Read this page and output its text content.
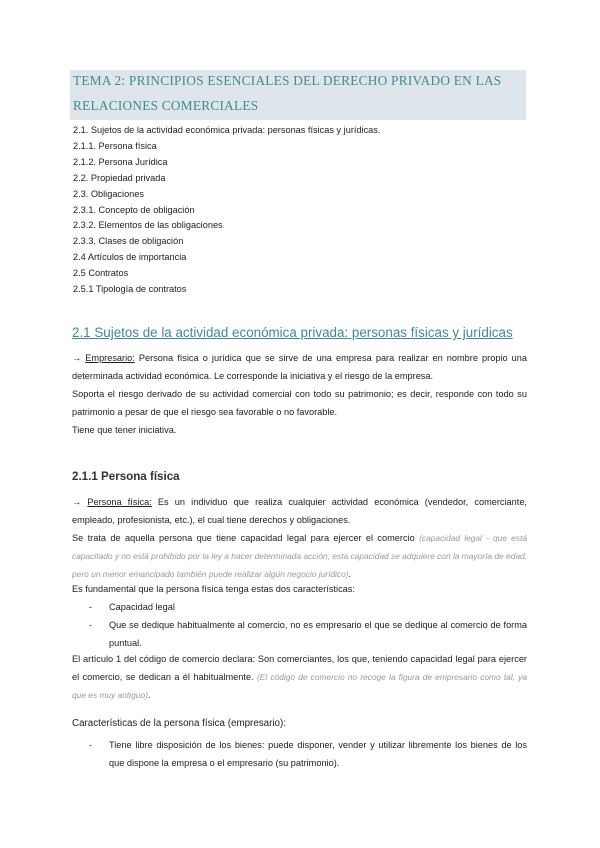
TEMA 2: PRINCIPIOS ESENCIALES DEL DERECHO PRIVADO EN LAS
RELACIONES COMERCIALES
2.1. Sujetos de la actividad económica privada: personas físicas y jurídicas.
2.1.1. Persona física
2.1.2. Persona Jurídica
2.2. Propiedad privada
2.3. Obligaciones
2.3.1. Concepto de obligación
2.3.2. Elementos de las obligaciones
2.3.3. Clases de obligación
2.4 Artículos de importancia
2.5 Contratos
2.5.1 Tipología de contratos
2.1 Sujetos de la actividad económica privada: personas físicas y jurídicas

→ Empresario: Persona física o jurídica que se sirve de una empresa para realizar en nombre propio una determinada actividad económica. Le corresponde la iniciativa y el riesgo de la empresa.

Soporta el riesgo derivado de su actividad comercial con todo su patrimonio; es decir, responde con todo su patrimonio a pesar de que el riesgo sea favorable o no favorable.

Tiene que tener iniciativa.

2.1.1 Persona física

→ Persona física: Es un individuo que realiza cualquier actividad económica (vendedor, comerciante, empleado, profesionista, etc.), el cual tiene derechos y obligaciones.

Se trata de aquella persona que tiene capacidad legal para ejercer el comercio (capacidad legal - que está capacitado y no está prohibido por la ley a hacer determinada acción; esta capacidad se adquiere con la mayoría de edad, pero un menor emancipado también puede realizar algún negocio jurídico).

Es fundamental que la persona física tenga estas dos características:

- Capacidad legal
- Que se dedique habitualmente al comercio, no es empresario el que se dedique al comercio de forma puntual.

El artículo 1 del código de comercio declara: Son comerciantes, los que, teniendo capacidad legal para ejercer el comercio, se dedican a él habitualmente. (El código de comercio no recoge la figura de empresario como tal, ya que es muy antiguo).

Características de la persona física (empresario):

- Tiene libre disposición de los bienes: puede disponer, vender y utilizar libremente los bienes de los que dispone la empresa o el empresario (su patrimonio).
